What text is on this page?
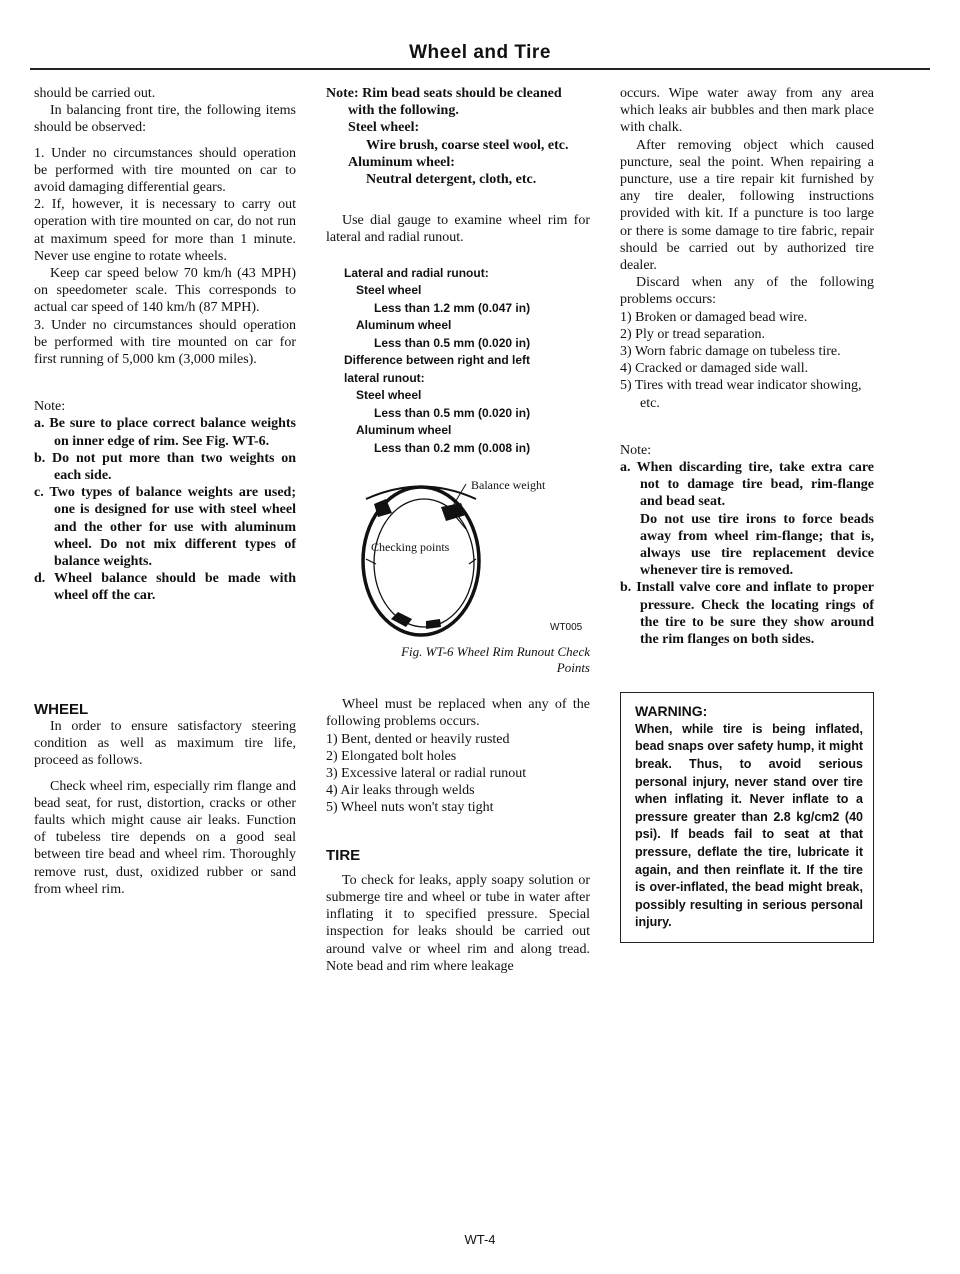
Wheel and Tire

should be carried out.

In balancing front tire, the following items should be observed:

1. Under no circumstances should operation be performed with tire mounted on car to avoid damaging differential gears.

2. If, however, it is necessary to carry out operation with tire mounted on car, do not run at maximum speed for more than 1 minute. Never use engine to rotate wheels.

Keep car speed below 70 km/h (43 MPH) on speedometer scale. This corresponds to actual car speed of 140 km/h (87 MPH).

3. Under no circumstances should operation be performed with tire mounted on car for first running of 5,000 km (3,000 miles).

Note:

a. Be sure to place correct balance weights on inner edge of rim. See Fig. WT-6.

b. Do not put more than two weights on each side.

c. Two types of balance weights are used; one is designed for use with steel wheel and the other for use with aluminum wheel. Do not mix different types of balance weights.

d. Wheel balance should be made with wheel off the car.

WHEEL

In order to ensure satisfactory steering condition as well as maximum tire life, proceed as follows.

Check wheel rim, especially rim flange and bead seat, for rust, distortion, cracks or other faults which might cause air leaks. Function of tubeless tire depends on a good seal between tire bead and wheel rim. Thoroughly remove rust, dust, oxidized rubber or sand from wheel rim.

Note: Rim bead seats should be cleaned with the following.

Steel wheel:

Wire brush, coarse steel wool, etc.

Aluminum wheel:

Neutral detergent, cloth, etc.

Use dial gauge to examine wheel rim for lateral and radial runout.

Lateral and radial runout:

Steel wheel

Less than 1.2 mm (0.047 in)

Aluminum wheel

Less than 0.5 mm (0.020 in)

Difference between right and left lateral runout:

Steel wheel

Less than 0.5 mm (0.020 in)

Aluminum wheel

Less than 0.2 mm (0.008 in)

Balance weight
Checking points
WT005

Fig. WT-6 Wheel Rim Runout Check

Points

Wheel must be replaced when any of the following problems occurs.

1) Bent, dented or heavily rusted

2) Elongated bolt holes

3) Excessive lateral or radial runout

4) Air leaks through welds

5) Wheel nuts won't stay tight

TIRE

To check for leaks, apply soapy solution or submerge tire and wheel or tube in water after inflating it to specified pressure. Special inspection for leaks should be carried out around valve or wheel rim and along tread. Note bead and rim where leakage

occurs. Wipe water away from any area which leaks air bubbles and then mark place with chalk.

After removing object which caused puncture, seal the point. When repairing a puncture, use a tire repair kit furnished by any tire dealer, following instructions provided with kit. If a puncture is too large or there is some damage to tire fabric, repair should be carried out by authorized tire dealer.

Discard when any of the following problems occurs:

1) Broken or damaged bead wire.

2) Ply or tread separation.

3) Worn fabric damage on tubeless tire.

4) Cracked or damaged side wall.

5) Tires with tread wear indicator showing, etc.

Note:

a. When discarding tire, take extra care not to damage tire bead, rim-flange and bead seat.

Do not use tire irons to force beads away from wheel rim-flange; that is, always use tire replacement device whenever tire is removed.

b. Install valve core and inflate to proper pressure. Check the locating rings of the tire to be sure they show around the rim flanges on both sides.

WARNING:

When, while tire is being inflated, bead snaps over safety hump, it might break. Thus, to avoid serious personal injury, never stand over tire when inflating it. Never inflate to a pressure greater than 2.8 kg/cm2 (40 psi). If beads fail to seat at that pressure, deflate the tire, lubricate it again, and then reinflate it. If the tire is over-inflated, the bead might break, possibly resulting in serious personal injury.

WT-4
